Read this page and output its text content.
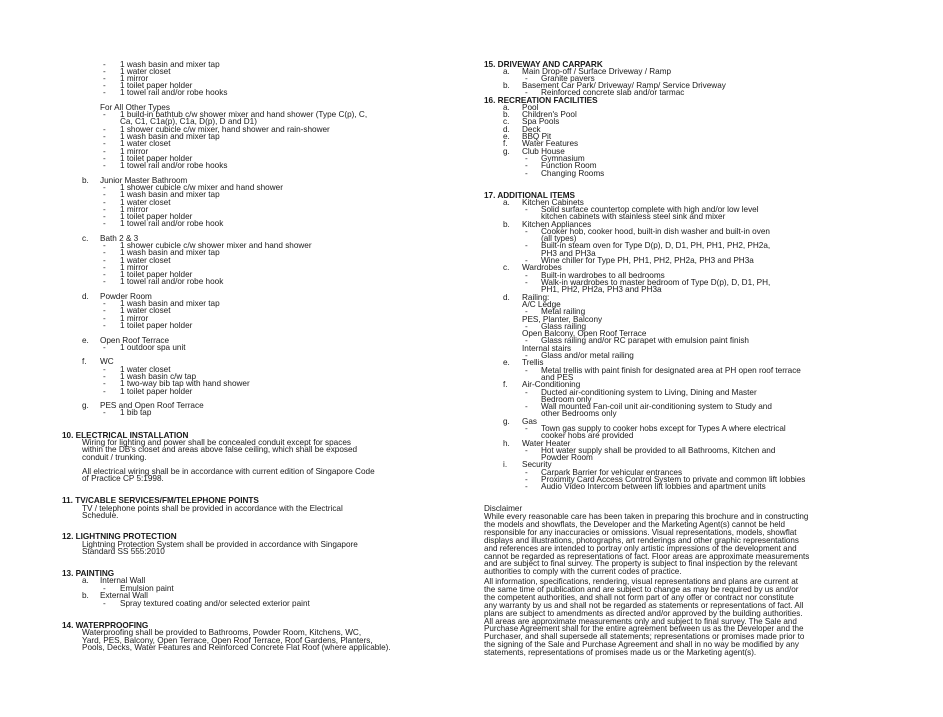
- 1 wash basin and mixer tap
- 1 water closet
- 1 mirror
- 1 toilet paper holder
- 1 towel rail and/or robe hooks
For All Other Types
- 1 build-in bathtub c/w shower mixer and hand shower (Type C(p), C,
Ca, C1, C1a(p), C1a, D(p), D and D1)
- 1 shower cubicle c/w mixer, hand shower and rain-shower
- 1 wash basin and mixer tap
- 1 water closet
- 1 mirror
- 1 toilet paper holder
- 1 towel rail and/or robe hooks
b. Junior Master Bathroom
- 1 shower cubicle c/w mixer and hand shower
- 1 wash basin and mixer tap
- 1 water closet
- 1 mirror
- 1 toilet paper holder
- 1 towel rail and/or robe hook
c. Bath 2 & 3
- 1 shower cubicle c/w shower mixer and hand shower
- 1 wash basin and mixer tap
- 1 water closet
- 1 mirror
- 1 toilet paper holder
- 1 towel rail and/or robe hook
d. Powder Room
- 1 wash basin and mixer tap
- 1 water closet
- 1 mirror
- 1 toilet paper holder
e. Open Roof Terrace
- 1 outdoor spa unit
f. WC
- 1 water closet
- 1 wash basin c/w tap
- 1 two-way bib tap with hand shower
- 1 toilet paper holder
g. PES and Open Roof Terrace
- 1 bib tap
10. ELECTRICAL INSTALLATION
Wiring for lighting and power shall be concealed conduit except for spaces
within the DB's closet and areas above false ceiling, which shall be exposed
conduit / trunking.
All electrical wiring shall be in accordance with current edition of Singapore Code
of Practice CP 5:1998.
11. TV/CABLE SERVICES/FM/TELEPHONE POINTS
TV / telephone points shall be provided in accordance with the Electrical
Schedule.
12. LIGHTNING PROTECTION
Lightning Protection System shall be provided in accordance with Singapore
Standard SS 555:2010
13. PAINTING
a. Internal Wall
- Emulsion paint
b. External Wall
- Spray textured coating and/or selected exterior paint
14. WATERPROOFING
Waterproofing shall be provided to Bathrooms, Powder Room, Kitchens, WC,
Yard, PES, Balcony, Open Terrace, Open Roof Terrace, Roof Gardens, Planters,
Pools, Decks, Water Features and Reinforced Concrete Flat Roof (where applicable).
15. DRIVEWAY AND CARPARK
a. Main Drop-off / Surface Driveway / Ramp
- Granite pavers
b. Basement Car Park/ Driveway/ Ramp/ Service Driveway
- Reinforced concrete slab and/or tarmac
16. RECREATION FACILITIES
a. Pool
b. Children's Pool
c. Spa Pools
d. Deck
e. BBQ Pit
f. Water Features
g. Club House
- Gymnasium
- Function Room
- Changing Rooms
17. ADDITIONAL ITEMS
a. Kitchen Cabinets
- Solid surface countertop complete with high and/or low level
kitchen cabinets with stainless steel sink and mixer
b. Kitchen Appliances
- Cooker hob, cooker hood, built-in dish washer and built-in oven
(all types)
- Built-in steam oven for Type D(p), D, D1, PH, PH1, PH2, PH2a,
PH3 and PH3a
- Wine chiller for Type PH, PH1, PH2, PH2a, PH3 and PH3a
c. Wardrobes
- Built-in wardrobes to all bedrooms
- Walk-in wardrobes to master bedroom of Type D(p), D, D1, PH,
PH1, PH2, PH2a, PH3 and PH3a
d. Railing:
A/C Ledge
- Metal railing
PES, Planter, Balcony
- Glass railing
Open Balcony, Open Roof Terrace
- Glass railing and/or RC parapet with emulsion paint finish
Internal stairs
- Glass and/or metal railing
e. Trellis
- Metal trellis with paint finish for designated area at PH open roof terrace
and PES
f. Air-Conditioning
- Ducted air-conditioning system to Living, Dining and Master
Bedroom only
- Wall mounted Fan-coil unit air-conditioning system to Study and
other Bedrooms only
g. Gas
- Town gas supply to cooker hobs except for Types A where electrical
cooker hobs are provided
h. Water Heater
- Hot water supply shall be provided to all Bathrooms, Kitchen and
Powder Room
i. Security
- Carpark Barrier for vehicular entrances
- Proximity Card Access Control System to private and common lift lobbies
- Audio Video Intercom between lift lobbies and apartment units
Disclaimer
While every reasonable care has been taken in preparing this brochure and in constructing
the models and showflats, the Developer and the Marketing Agent(s) cannot be held
responsible for any inaccuracies or omissions. Visual representations, models, showflat
displays and illustrations, photographs, art renderings and other graphic representations
and references are intended to portray only artistic impressions of the development and
cannot be regarded as representations of fact. Floor areas are approximate measurements
and are subject to final survey. The property is subject to final inspection by the relevant
authorities to comply with the current codes of practice.
All information, specifications, rendering, visual representations and plans are current at
the same time of publication and are subject to change as may be required by us and/or
the competent authorities, and shall not form part of any offer or contract nor constitute
any warranty by us and shall not be regarded as statements or representations of fact. All
plans are subject to amendments as directed and/or approved by the building authorities.
All areas are approximate measurements only and subject to final survey. The Sale and
Purchase Agreement shall for the entire agreement between us as the Developer and the
Purchaser, and shall supersede all statements; representations or promises made prior to
the signing of the Sale and Purchase Agreement and shall in no way be modified by any
statements, representations of promises made us or the Marketing agent(s).
